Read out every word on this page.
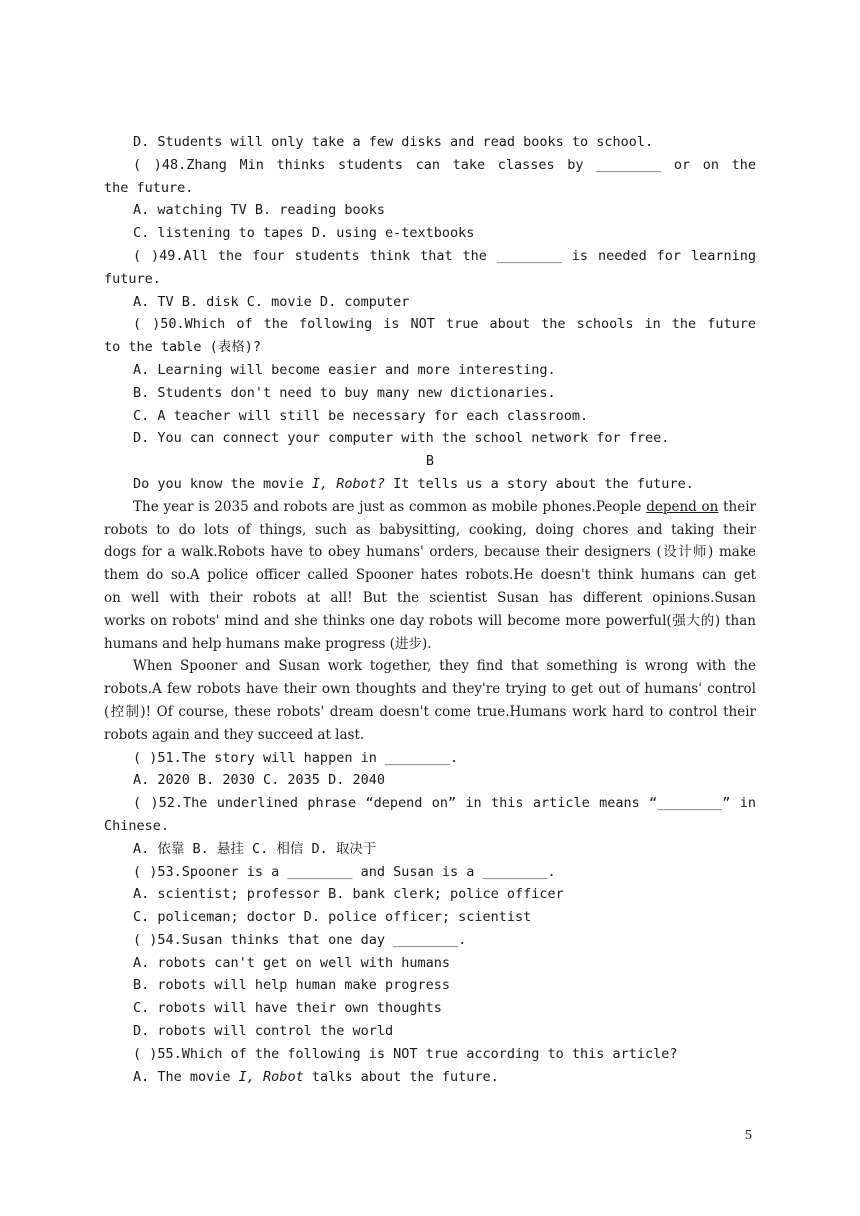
D. Students will only take a few disks and read books to school.
( )48.Zhang Min thinks students can take classes by ________ or on the
the future.
A. watching TV B. reading books
C. listening to tapes D. using e-textbooks
( )49.All the four students think that the ________ is needed for learning
future.
A. TV B. disk C. movie D. computer
( )50.Which of the following is NOT true about the schools in the future
to the table (表格)?
A. Learning will become easier and more interesting.
B. Students don't need to buy many new dictionaries.
C. A teacher will still be necessary for each classroom.
D. You can connect your computer with the school network for free.
B
Do you know the movie I, Robot? It tells us a story about the future.
The year is 2035 and robots are just as common as mobile phones.People depend on their
robots to do lots of things, such as babysitting, cooking, doing chores and taking their
dogs for a walk.Robots have to obey humans' orders, because their designers (设计师) make
them do so.A police officer called Spooner hates robots.He doesn't think humans can get
on well with their robots at all! But the scientist Susan has different opinions.Susan
works on robots' mind and she thinks one day robots will become more powerful(强大的) than
humans and help humans make progress (进步).
When Spooner and Susan work together, they find that something is wrong with the
robots.A few robots have their own thoughts and they're trying to get out of humans' control
(控制)! Of course, these robots' dream doesn't come true.Humans work hard to control their
robots again and they succeed at last.
( )51.The story will happen in ________.
A. 2020 B. 2030 C. 2035 D. 2040
( )52.The underlined phrase “depend on” in this article means “________” in
Chinese.
A. 依靠 B. 悬挂 C. 相信 D. 取决于
( )53.Spooner is a ________ and Susan is a ________.
A. scientist; professor B. bank clerk; police officer
C. policeman; doctor D. police officer; scientist
( )54.Susan thinks that one day ________.
A. robots can't get on well with humans
B. robots will help human make progress
C. robots will have their own thoughts
D. robots will control the world
( )55.Which of the following is NOT true according to this article?
A. The movie I, Robot talks about the future.
5
